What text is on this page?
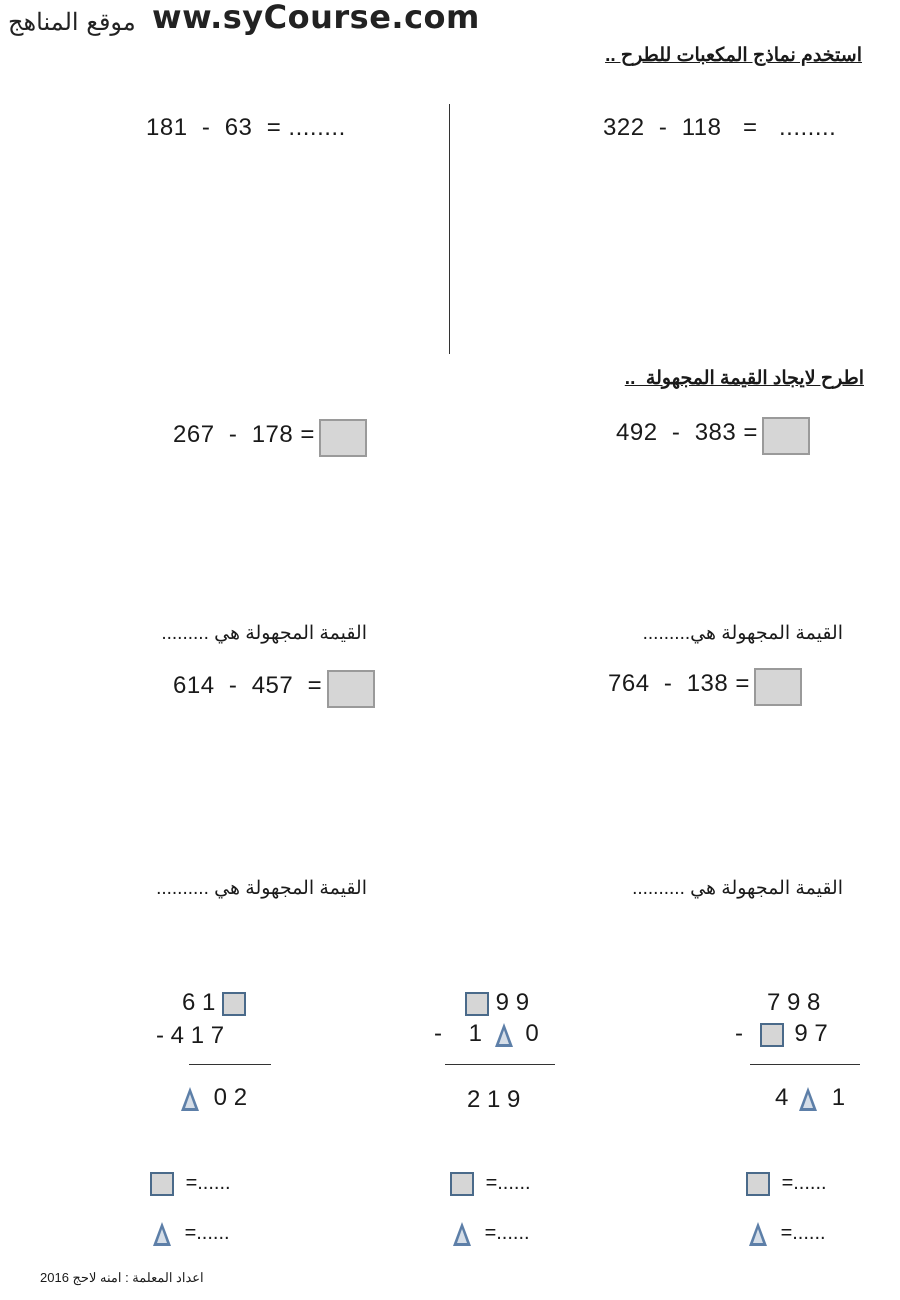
موقع المناهج ww.syCourse.com
استخدم نماذج المكعبات للطرح ..
322  -  118   =   ........
181  -  63  = ........
اطرح لايجاد القيمة المجهولة  ..
492  -  383 =
267  -  178 =
القيمة المجهولة هي.........
القيمة المجهولة هي .........
764  -  138 =
614  -  457  =
القيمة المجهولة هي ..........
القيمة المجهولة هي ..........
6 1
- 4 1 7
0 2
9 9
- 1 0
2 1 9
7 9 8
- 9 7
4 1
=......
=......
=......
=......
=......
=......
اعداد المعلمة : امنه لاحج 2016
